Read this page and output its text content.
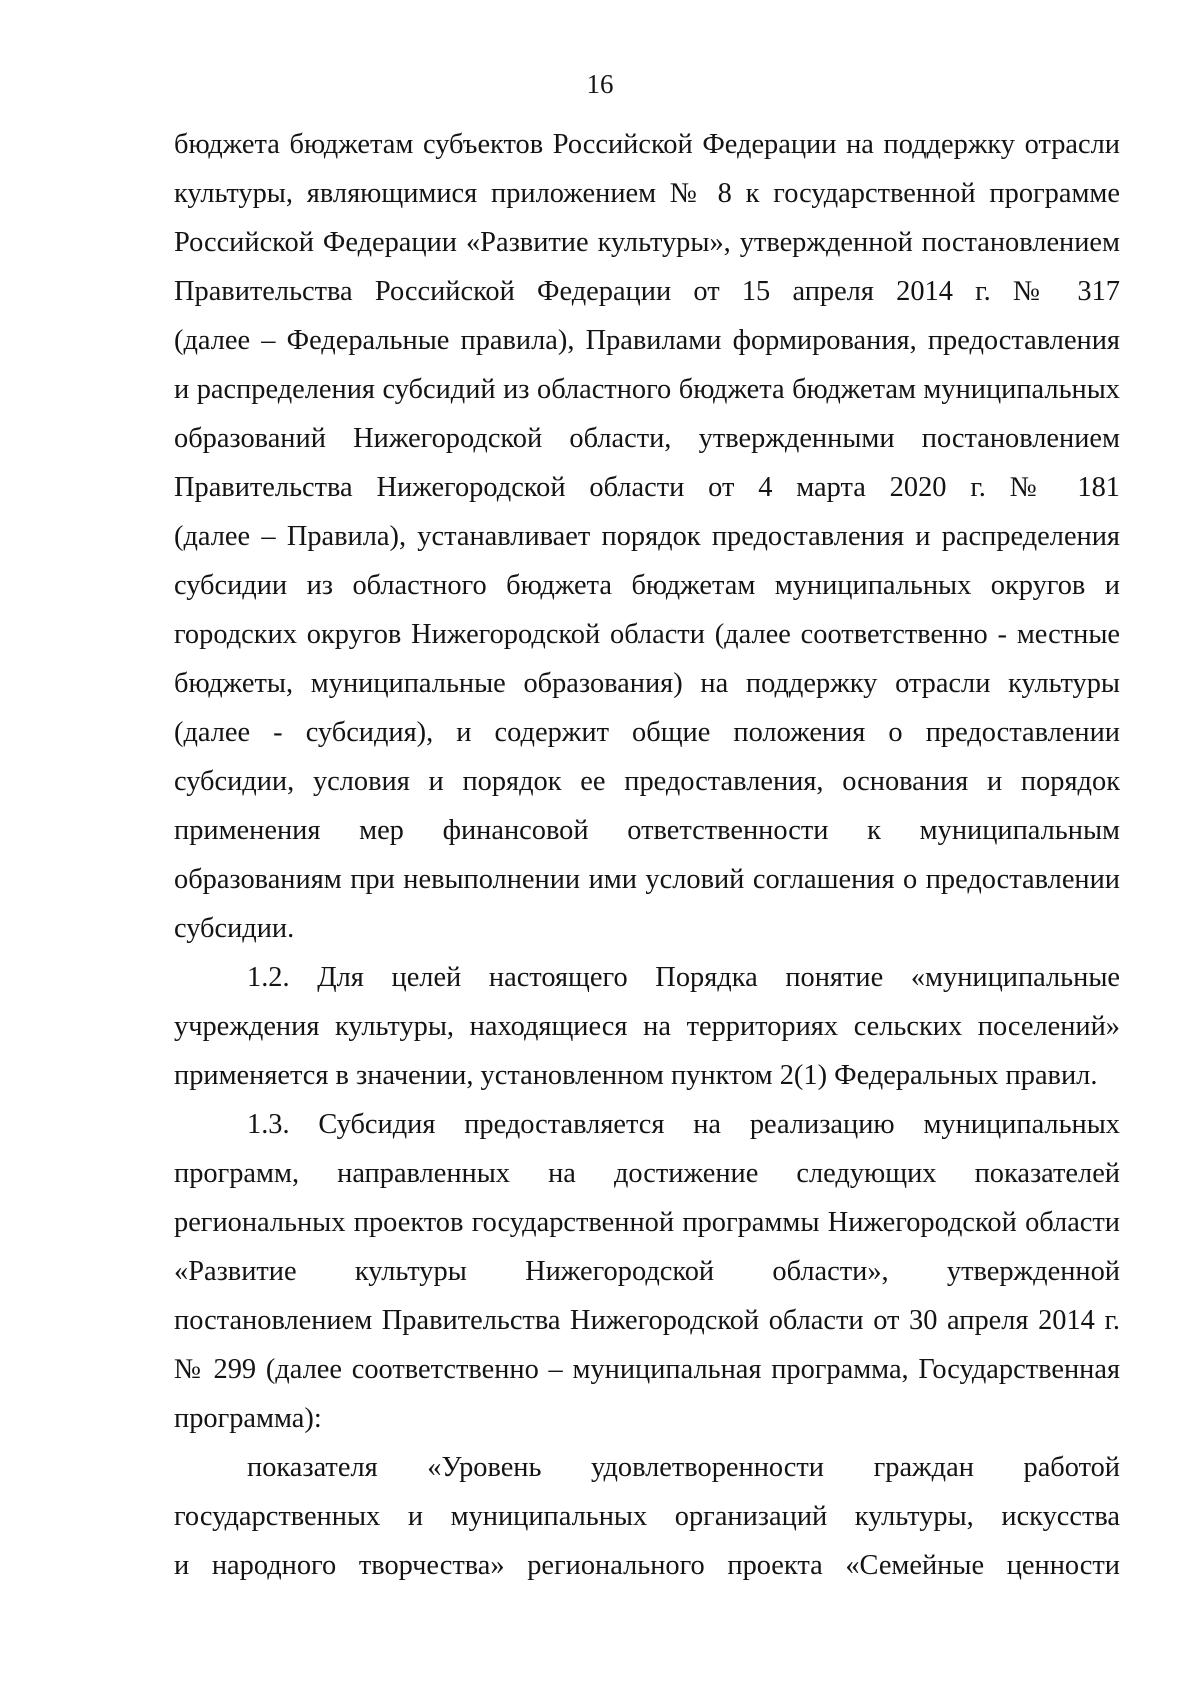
16
бюджета бюджетам субъектов Российской Федерации на поддержку отрасли
культуры, являющимися приложением № 8 к государственной программе
Российской Федерации «Развитие культуры», утвержденной постановлением
Правительства Российской Федерации от 15 апреля 2014 г. № 317
(далее – Федеральные правила), Правилами формирования, предоставления
и распределения субсидий из областного бюджета бюджетам муниципальных
образований Нижегородской области, утвержденными постановлением
Правительства Нижегородской области от 4 марта 2020 г. № 181
(далее – Правила), устанавливает порядок предоставления и распределения
субсидии из областного бюджета бюджетам муниципальных округов и
городских округов Нижегородской области (далее соответственно - местные
бюджеты, муниципальные образования) на поддержку отрасли культуры
(далее - субсидия), и содержит общие положения о предоставлении
субсидии, условия и порядок ее предоставления, основания и порядок
применения мер финансовой ответственности к муниципальным
образованиям при невыполнении ими условий соглашения о предоставлении
субсидии.
1.2. Для целей настоящего Порядка понятие «муниципальные
учреждения культуры, находящиеся на территориях сельских поселений»
применяется в значении, установленном пунктом 2(1) Федеральных правил.
1.3. Субсидия предоставляется на реализацию муниципальных
программ, направленных на достижение следующих показателей
региональных проектов государственной программы Нижегородской области
«Развитие культуры Нижегородской области», утвержденной
постановлением Правительства Нижегородской области от 30 апреля 2014 г.
№ 299 (далее соответственно – муниципальная программа, Государственная
программа):
показателя «Уровень удовлетворенности граждан работой
государственных и муниципальных организаций культуры, искусства
и народного творчества» регионального проекта «Семейные ценности
